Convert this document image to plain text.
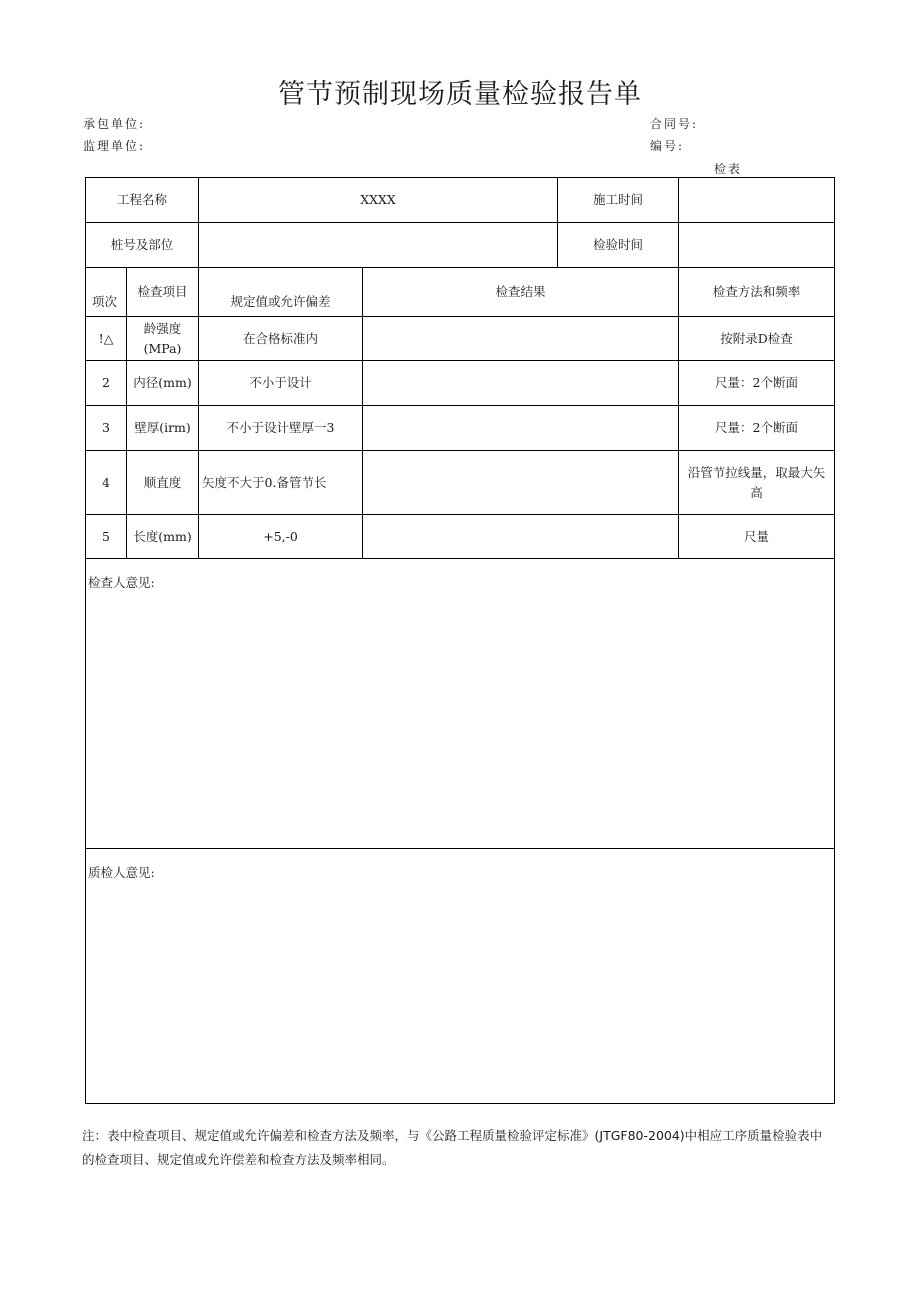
管节预制现场质量检验报告单
承包单位:
监理单位:
合同号:
编号:
检表
工程名称		XXXX		施工时间	
桩号及部位				检验时间	

项次	检查项目	规定值或允许偏差	检查结果		检查方法和频率

!△	龄强度(MPa)	在合格标准内			按附录D检查
2	内径(mm)	不小于设计			尺量：2个断面
3	壁厚(irm)	不小于设计壁厚一3			尺量：2个断面
4	顺直度	矢度不大于0.备管节长			沿管节拉线量，取最大矢高
5	长度(mm)	+5,-0			尺量
检查人意见:					
质检人意见:					
注：表中检查项目、规定值或允许偏差和检查方法及频率，与《公路工程质量检验评定标准》(JTGF80-2004)中相应工序质量检验表中的检查项目、规定值或允许偿差和检查方法及频率相同。
